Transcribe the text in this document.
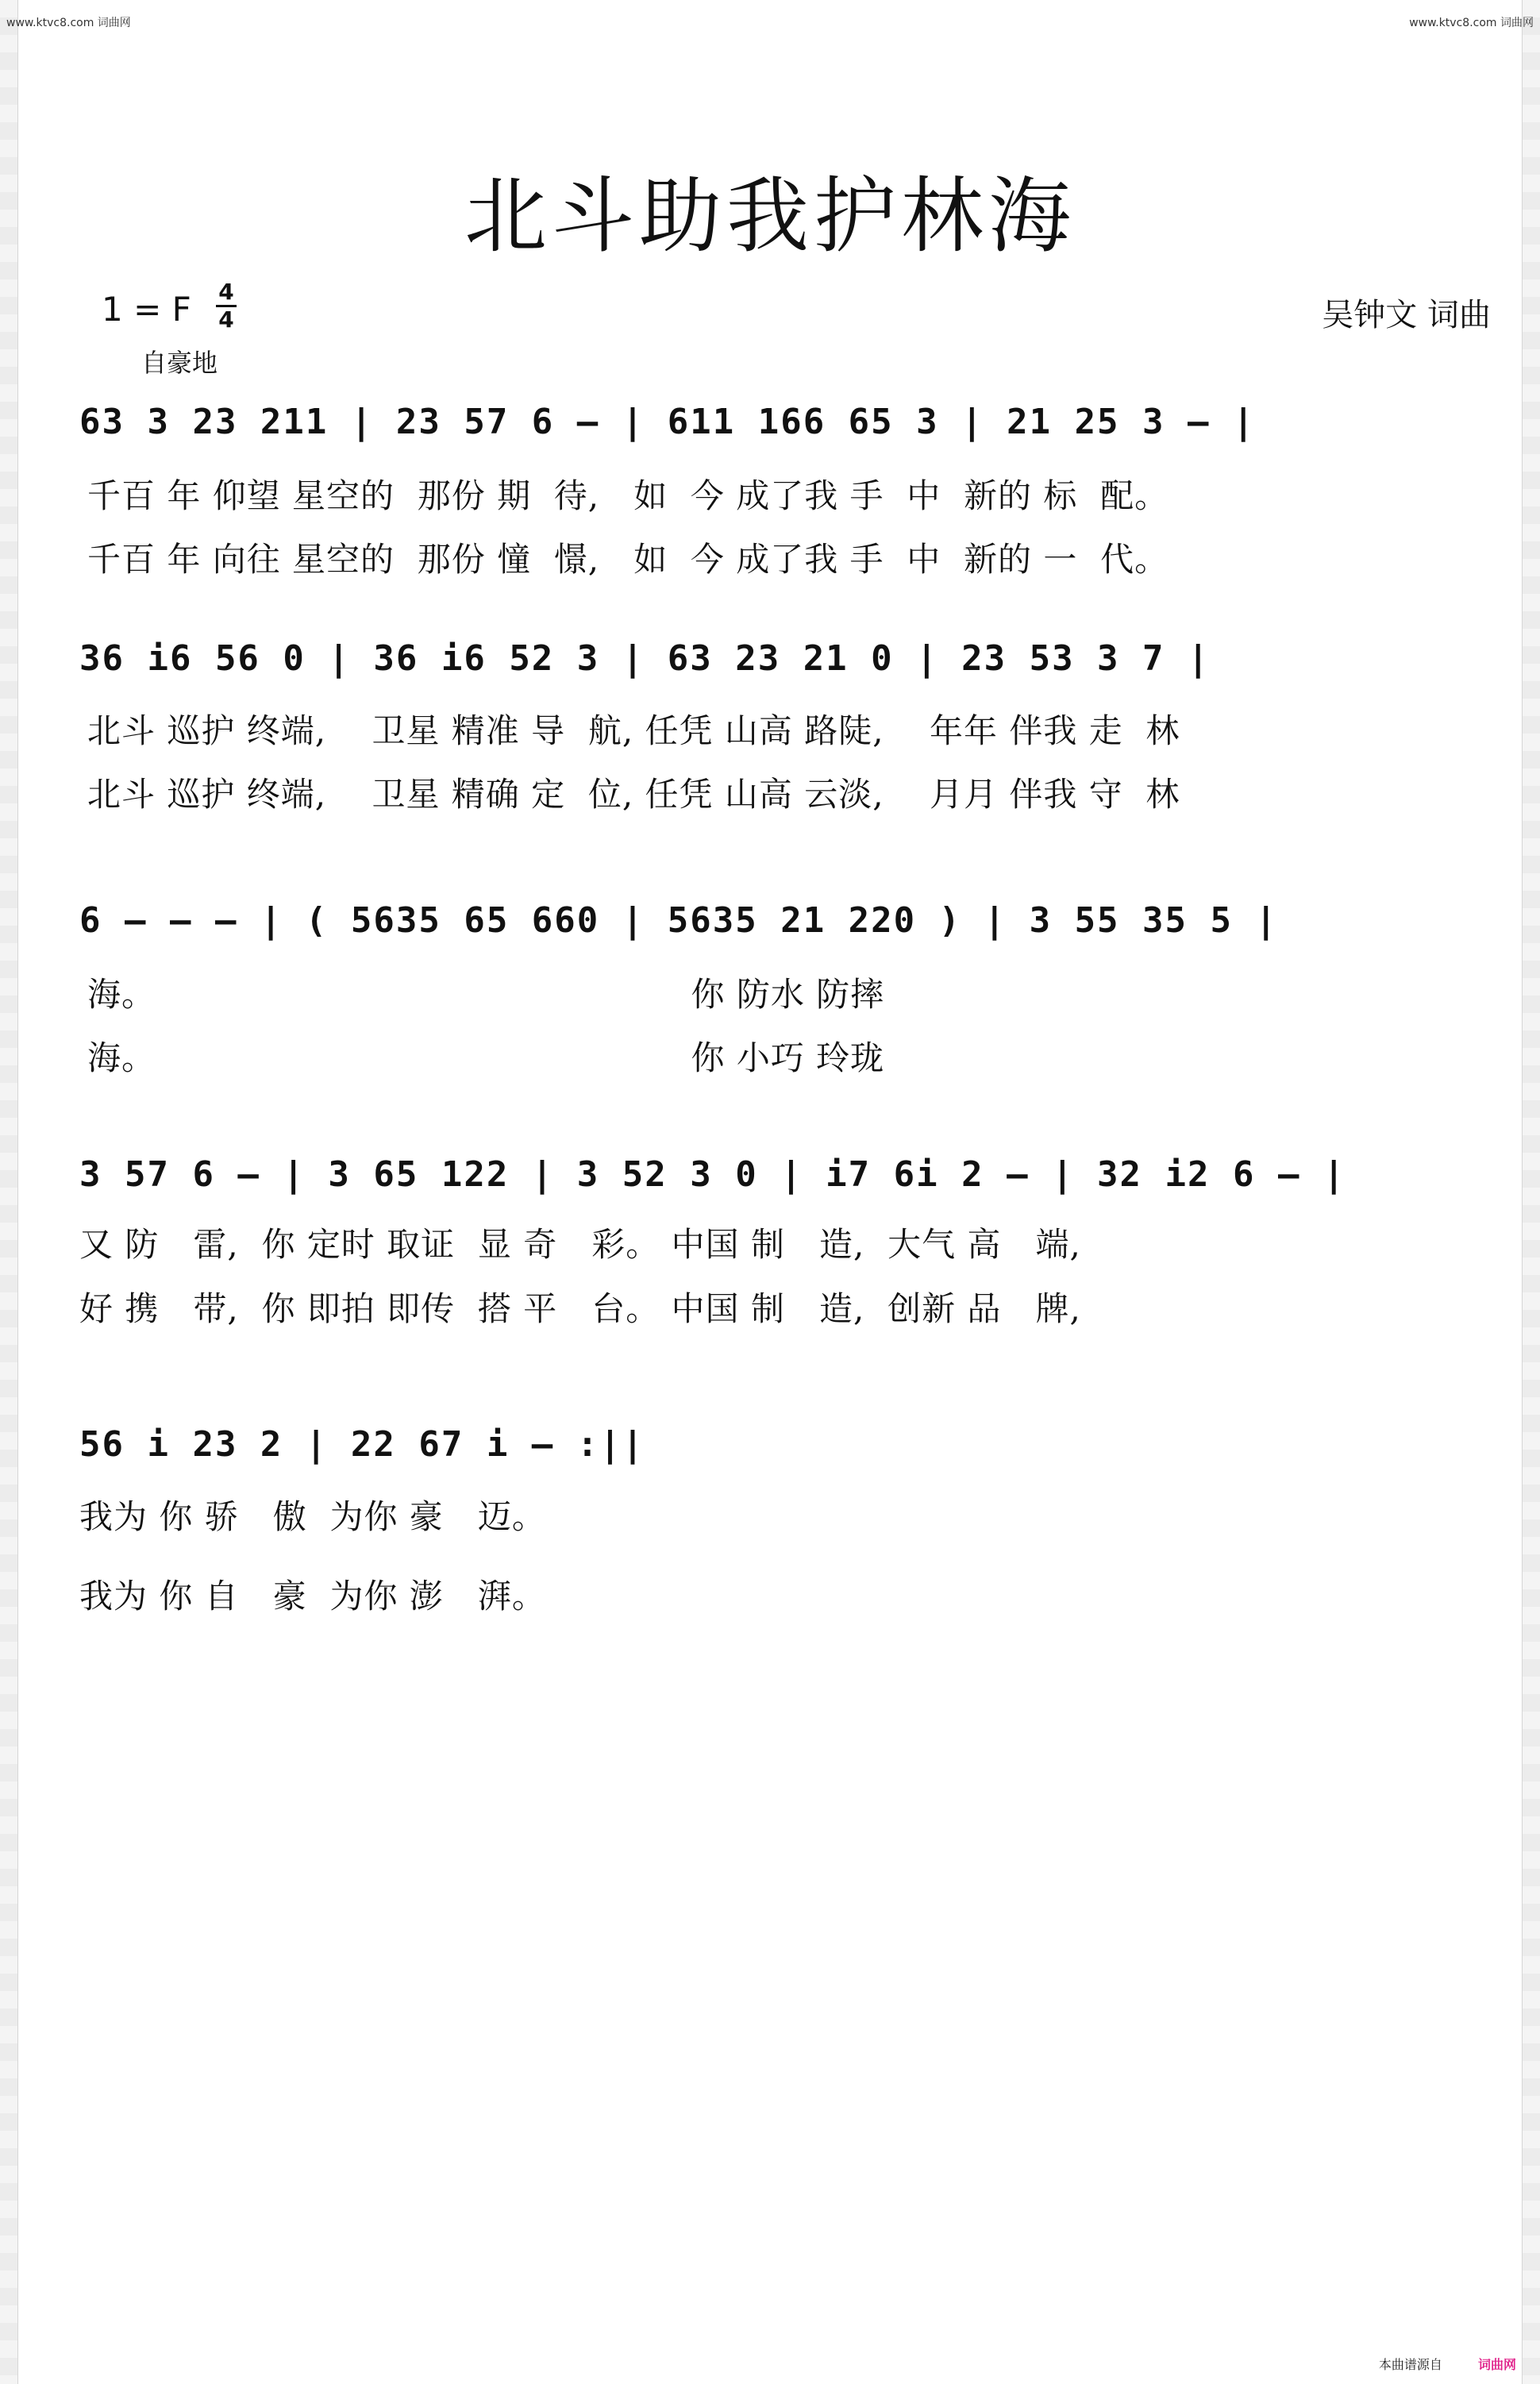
www.ktvc8.com 词曲网	www.ktvc8.com 词曲网
北斗助我护林海
1 = F 4
4
自豪地
吴钟文 词曲
63 3 23 211 | 23 57 6 – | 611 166 65 3 | 21 25 3 – |
千百 年 仰望 星空的  那份 期  待,   如  今 成了我 手  中  新的 标  配。
千百 年 向往 星空的  那份 憧  憬,   如  今 成了我 手  中  新的 一  代。
36 i6 56 0 | 36 i6 52 3 | 63 23 21 0 | 23 53 3 7 |
北斗 巡护 终端,    卫星 精准 导  航, 任凭 山高 路陡,    年年 伴我 走  林
北斗 巡护 终端,    卫星 精确 定  位, 任凭 山高 云淡,    月月 伴我 守  林
6 – – – | ( 5635 65 660 | 5635 21 220 ) | 3 55 35 5 |
海。                                               你 防水 防摔
海。                                               你 小巧 玲珑
3 57 6 – | 3 65 122 | 3 52 3 0 | i7 6i 2 – | 32 i2 6 – |
又 防   雷,  你 定时 取证  显 奇   彩。 中国 制   造,  大气 高   端,
好 携   带,  你 即拍 即传  搭 平   台。 中国 制   造,  创新 品   牌,
56 i 23 2 | 22 67 i – :||
我为 你 骄   傲  为你 豪   迈。
我为 你 自   豪  为你 澎   湃。
本曲谱源自	词曲网
